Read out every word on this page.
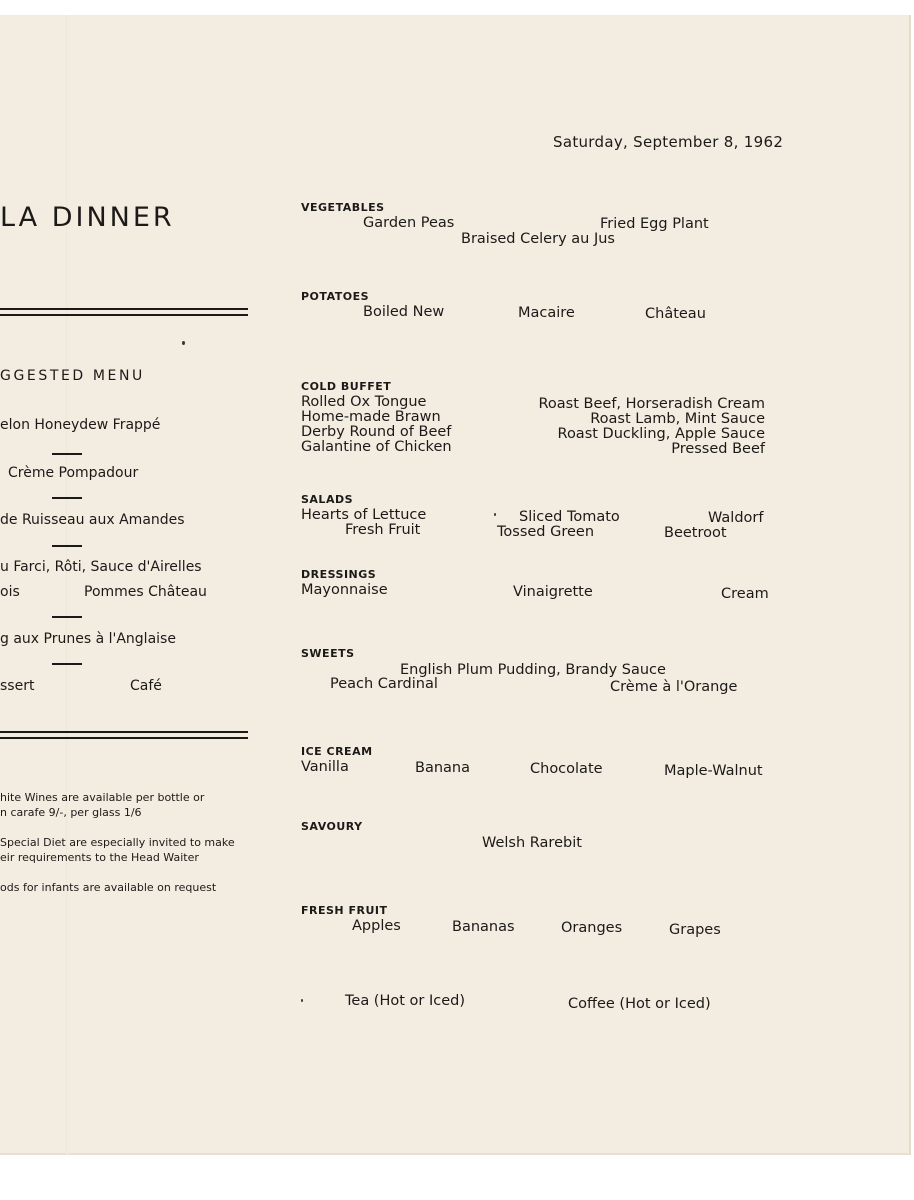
Saturday, September 8, 1962
LA DINNER
GGESTED MENU
elon Honeydew Frappé
Crème Pompadour
de Ruisseau aux Amandes
u Farci, Rôti, Sauce d'Airelles
ois	Pommes Château
g aux Prunes à l'Anglaise
ssert	Café
hite Wines are available per bottle or
n carafe 9/-, per glass 1/6
Special Diet are especially invited to make
eir requirements to the Head Waiter
ods for infants are available on request
VEGETABLES
Garden Peas	Fried Egg Plant
Braised Celery au Jus
POTATOES
Boiled New	Macaire	Château
COLD BUFFET
Rolled Ox Tongue
Home-made Brawn
Derby Round of Beef
Galantine of Chicken
Roast Beef, Horseradish Cream
Roast Lamb, Mint Sauce
Roast Duckling, Apple Sauce
Pressed Beef
SALADS
Hearts of Lettuce
Fresh Fruit
Sliced Tomato
Tossed Green
Waldorf
Beetroot
DRESSINGS
Mayonnaise	Vinaigrette	Cream
SWEETS
English Plum Pudding, Brandy Sauce
Peach Cardinal	Crème à l'Orange
ICE CREAM
Vanilla	Banana	Chocolate	Maple-Walnut
SAVOURY
Welsh Rarebit
FRESH FRUIT
Apples	Bananas	Oranges	Grapes
Tea (Hot or Iced)	Coffee (Hot or Iced)
